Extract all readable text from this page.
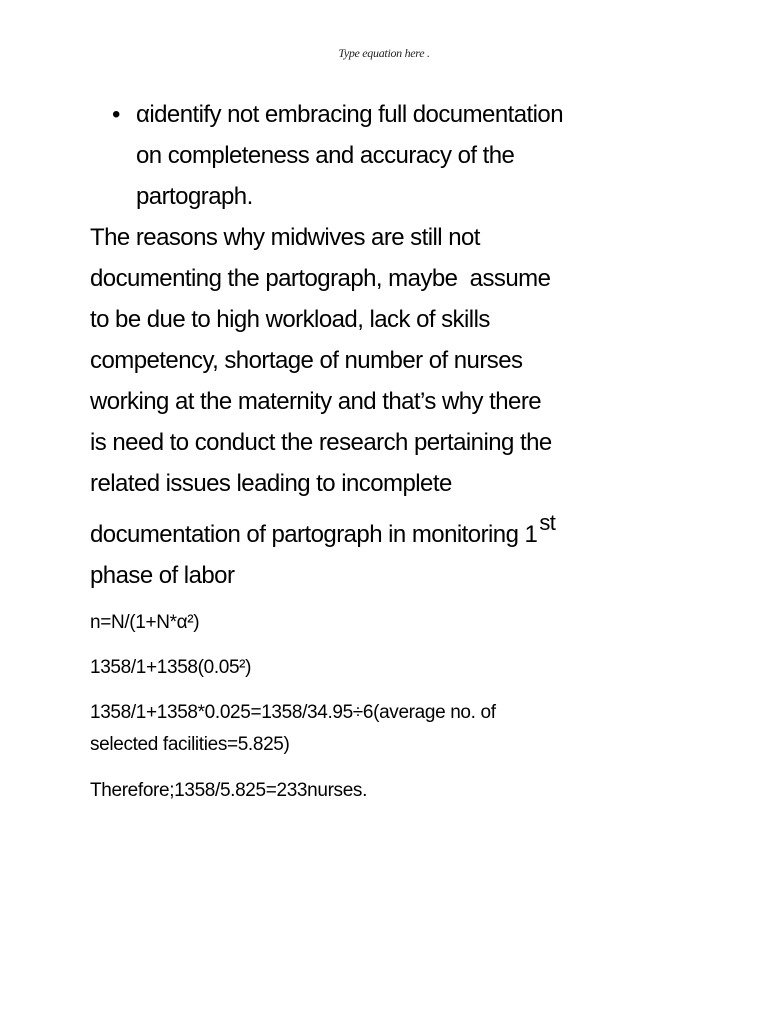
Type equation here .
• αidentify not embracing full documentation
on completeness and accuracy of the
partograph.
The reasons why midwives are still not
documenting the partograph, maybe  assume
to be due to high workload, lack of skills
competency, shortage of number of nurses
working at the maternity and that’s why there
is need to conduct the research pertaining the
related issues leading to incomplete
documentation of partograph in monitoring 1st
phase of labor
n=N/(1+N*α²)
1358/1+1358(0.05²)
1358/1+1358*0.025=1358/34.95÷6(average no. of
selected facilities=5.825)
Therefore;1358/5.825=233nurses.
